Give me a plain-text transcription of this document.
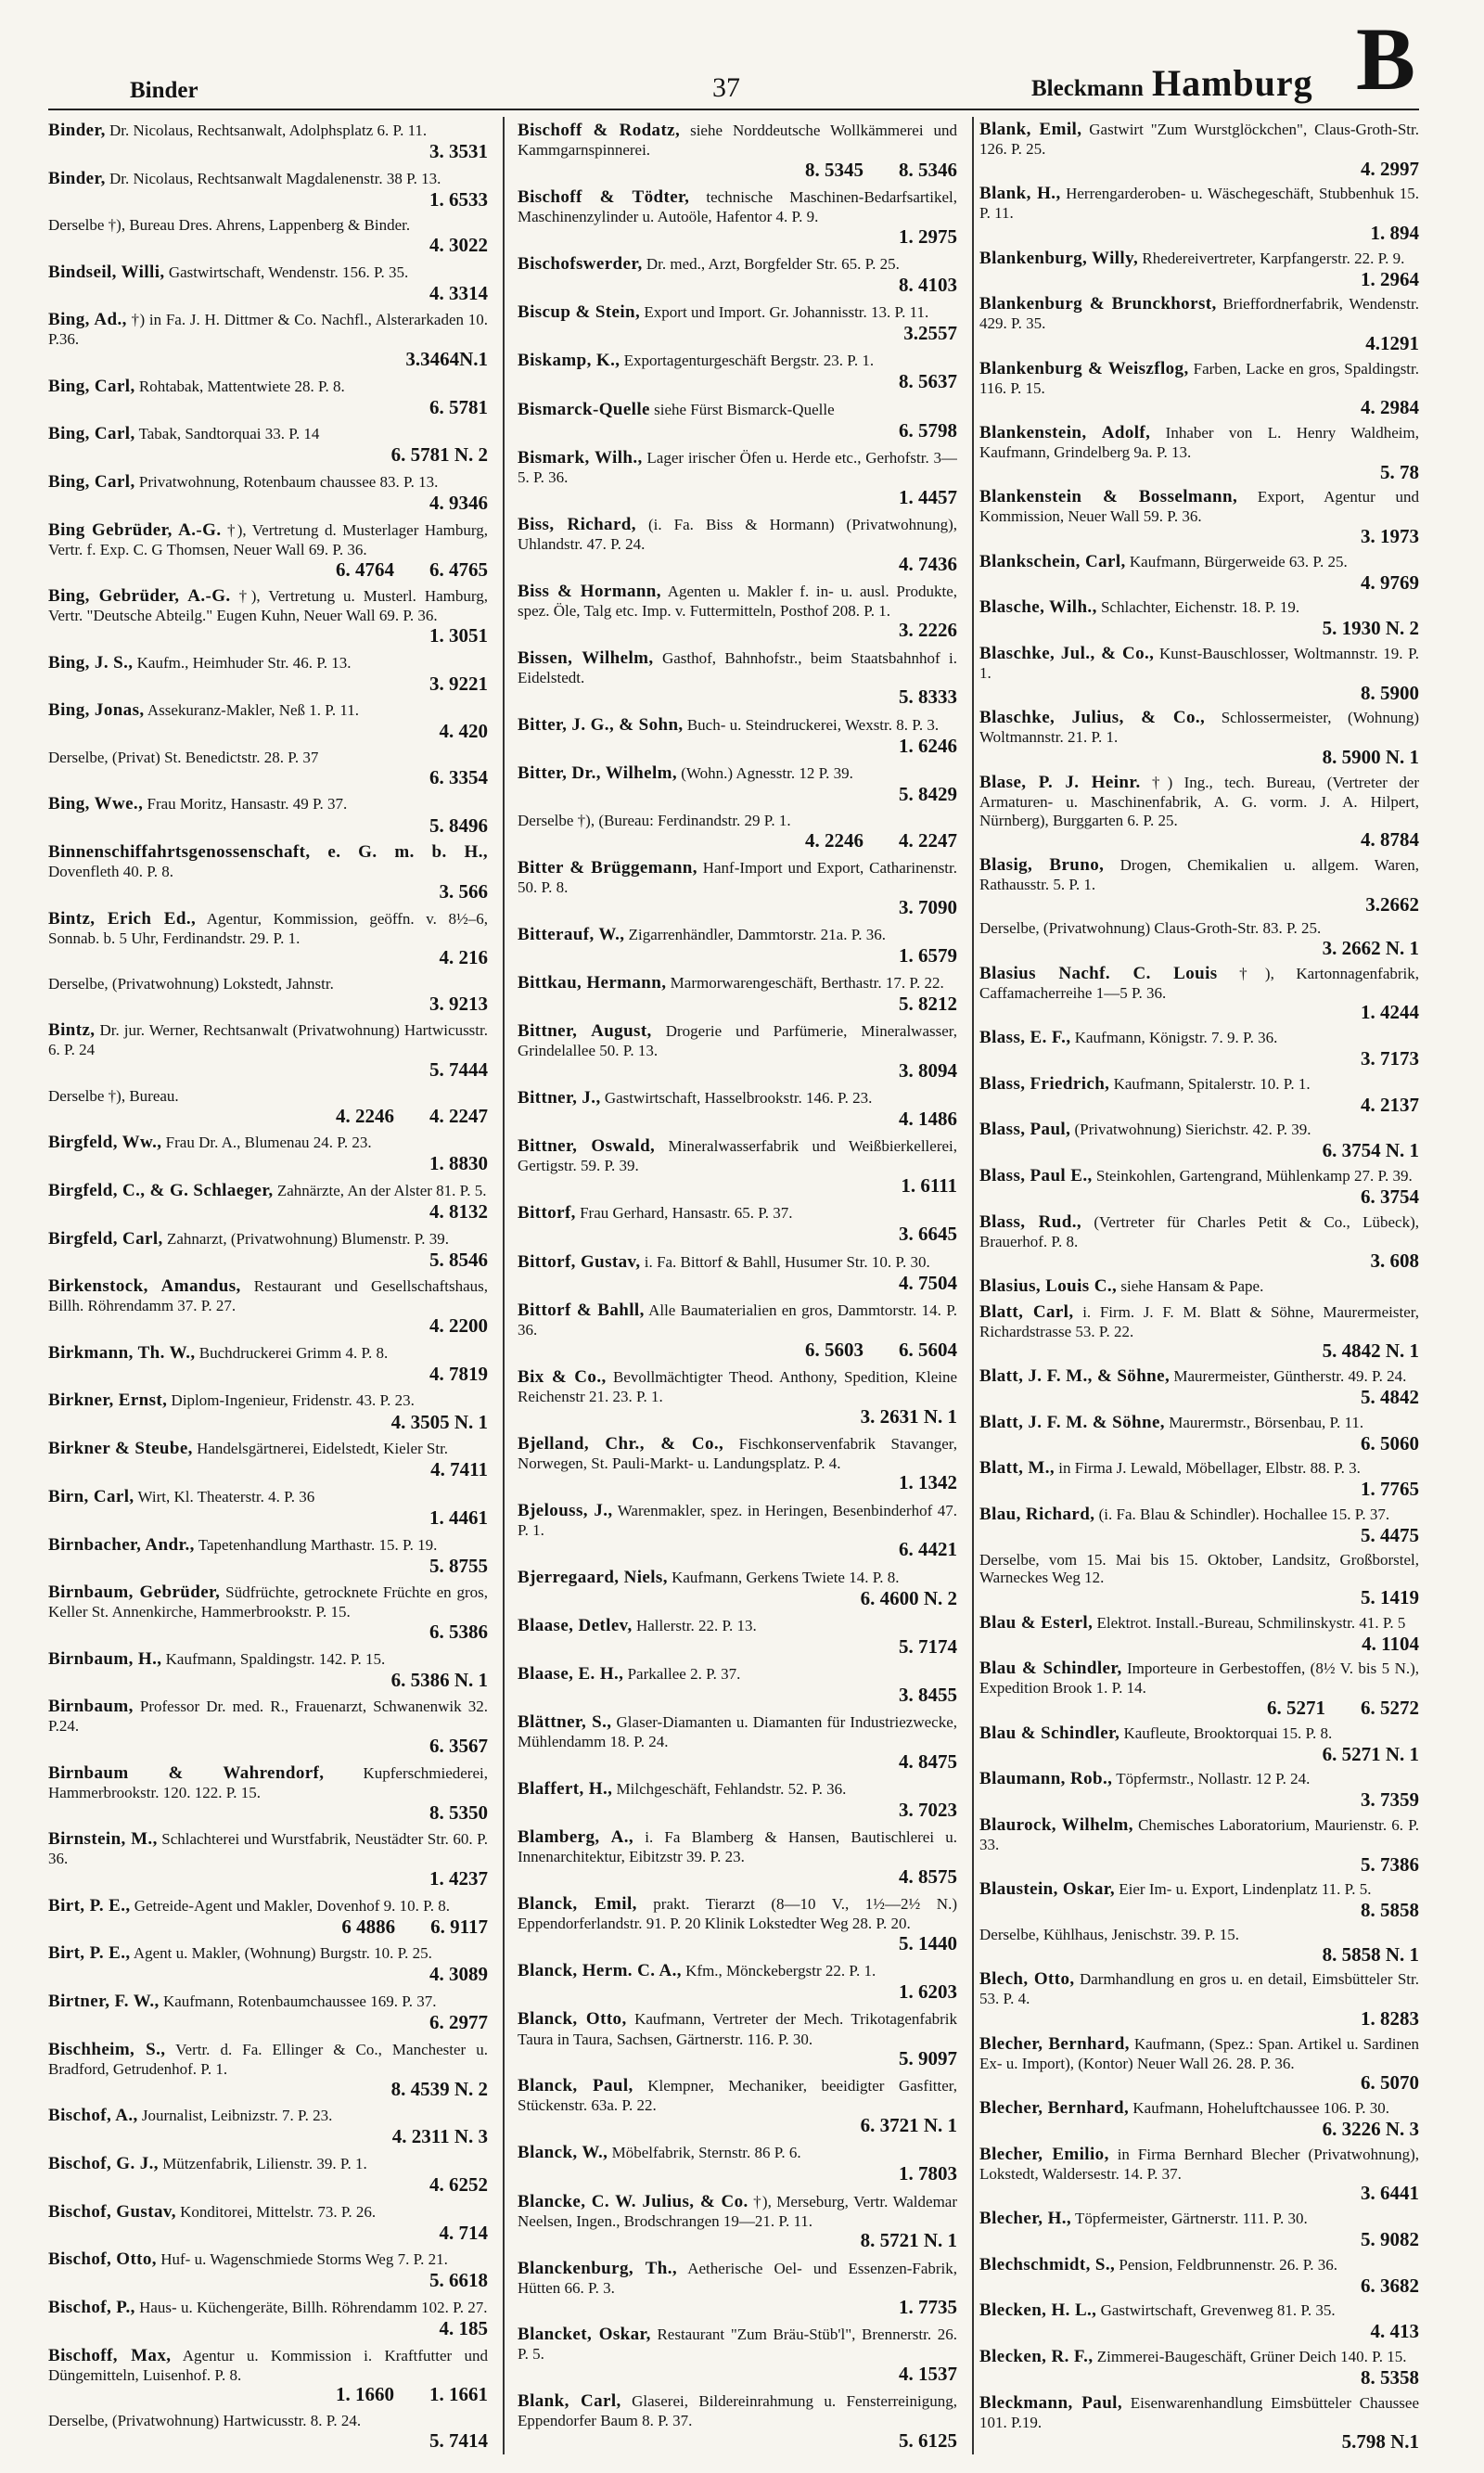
Binder	37	Bleckmann Hamburg B
Binder, Dr. Nicolaus, Rechtsanwalt, Adolphsplatz 6. P. 11.
3. 3531
Binder, Dr. Nicolaus, Rechtsanwalt Magdalenenstr. 38 P. 13.
1. 6533
Derselbe †), Bureau Dres. Ahrens, Lappenberg & Binder.
4. 3022
Bindseil, Willi, Gastwirtschaft, Wendenstr. 156. P. 35.
4. 3314
Bing, Ad., †) in Fa. J. H. Dittmer & Co. Nachfl., Alsterarkaden 10. P.36.
3.3464N.1
Bing, Carl, Rohtabak, Mattentwiete 28. P. 8.
6. 5781
Bing, Carl, Tabak, Sandtorquai 33. P. 14
6. 5781 N. 2
Bing, Carl, Privatwohnung, Rotenbaum chaussee 83. P. 13.
4. 9346
Bing Gebrüder, A.-G. †), Vertretung d. Musterlager Hamburg, Vertr. f. Exp. C. G Thomsen, Neuer Wall 69. P. 36.
6. 4764 6. 4765
Bing, Gebrüder, A.-G. †), Vertretung u. Musterl. Hamburg, Vertr. "Deutsche Abteilg." Eugen Kuhn, Neuer Wall 69. P. 36.
1. 3051
Bing, J. S., Kaufm., Heimhuder Str. 46. P. 13.
3. 9221
Bing, Jonas, Assekuranz-Makler, Neß 1. P. 11.
4. 420
Derselbe, (Privat) St. Benedictstr. 28. P. 37
6. 3354
Bing, Wwe., Frau Moritz, Hansastr. 49 P. 37.
5. 8496
Binnenschiffahrtsgenossenschaft, e. G. m. b. H., Dovenfleth 40. P. 8.
3. 566
Bintz, Erich Ed., Agentur, Kommission, geöffn. v. 8½–6, Sonnab. b. 5 Uhr, Ferdinandstr. 29. P. 1.
4. 216
Derselbe, (Privatwohnung) Lokstedt, Jahnstr.
3. 9213
Bintz, Dr. jur. Werner, Rechtsanwalt (Privatwohnung) Hartwicusstr. 6. P. 24
5. 7444
Derselbe †), Bureau.
4. 2246 4. 2247
Birgfeld, Ww., Frau Dr. A., Blumenau 24. P. 23.
1. 8830
Birgfeld, C., & G. Schlaeger, Zahnärzte, An der Alster 81. P. 5.
4. 8132
Birgfeld, Carl, Zahnarzt, (Privatwohnung) Blumenstr. P. 39.
5. 8546
Birkenstock, Amandus, Restaurant und Gesellschaftshaus, Billh. Röhrendamm 37. P. 27.
4. 2200
Birkmann, Th. W., Buchdruckerei Grimm 4. P. 8.
4. 7819
Birkner, Ernst, Diplom-Ingenieur, Fridenstr. 43. P. 23.
4. 3505 N. 1
Birkner & Steube, Handelsgärtnerei, Eidelstedt, Kieler Str.
4. 7411
Birn, Carl, Wirt, Kl. Theaterstr. 4. P. 36
1. 4461
Birnbacher, Andr., Tapetenhandlung Marthastr. 15. P. 19.
5. 8755
Birnbaum, Gebrüder, Südfrüchte, getrocknete Früchte en gros, Keller St. Annenkirche, Hammerbrookstr. P. 15.
6. 5386
Birnbaum, H., Kaufmann, Spaldingstr. 142. P. 15.
6. 5386 N. 1
Birnbaum, Professor Dr. med. R., Frauenarzt, Schwanenwik 32. P.24.
6. 3567
Birnbaum & Wahrendorf, Kupferschmiederei, Hammerbrookstr. 120. 122. P. 15.
8. 5350
Birnstein, M., Schlachterei und Wurstfabrik, Neustädter Str. 60. P. 36.
1. 4237
Birt, P. E., Getreide-Agent und Makler, Dovenhof 9. 10. P. 8.
6 4886 6. 9117
Birt, P. E., Agent u. Makler, (Wohnung) Burgstr. 10. P. 25.
4. 3089
Birtner, F. W., Kaufmann, Rotenbaumchaussee 169. P. 37.
6. 2977
Bischheim, S., Vertr. d. Fa. Ellinger & Co., Manchester u. Bradford, Getrudenhof. P. 1.
8. 4539 N. 2
Bischof, A., Journalist, Leibnizstr. 7. P. 23.
4. 2311 N. 3
Bischof, G. J., Mützenfabrik, Lilienstr. 39. P. 1.
4. 6252
Bischof, Gustav, Konditorei, Mittelstr. 73. P. 26.
4. 714
Bischof, Otto, Huf- u. Wagenschmiede Storms Weg 7. P. 21.
5. 6618
Bischof, P., Haus- u. Küchengeräte, Billh. Röhrendamm 102. P. 27.
4. 185
Bischoff, Max, Agentur u. Kommission i. Kraftfutter und Düngemitteln, Luisenhof. P. 8.
1. 1660 1. 1661
Derselbe, (Privatwohnung) Hartwicusstr. 8. P. 24.
5. 7414
Bischoff & Rodatz, siehe Norddeutsche Wollkämmerei und Kammgarnspinnerei.
8. 5345 8. 5346
Bischoff & Tödter, technische Maschinen-Bedarfsartikel, Maschinenzylinder u. Autoöle, Hafentor 4. P. 9.
1. 2975
Bischofswerder, Dr. med., Arzt, Borgfelder Str. 65. P. 25.
8. 4103
Biscup & Stein, Export und Import. Gr. Johannisstr. 13. P. 11.
3.2557
Biskamp, K., Exportagenturgeschäft Bergstr. 23. P. 1.
8. 5637
Bismarck-Quelle siehe Fürst Bismarck-Quelle
6. 5798
Bismark, Wilh., Lager irischer Öfen u. Herde etc., Gerhofstr. 3—5. P. 36.
1. 4457
Biss, Richard, (i. Fa. Biss & Hormann) (Privatwohnung), Uhlandstr. 47. P. 24.
4. 7436
Biss & Hormann, Agenten u. Makler f. in- u. ausl. Produkte, spez. Öle, Talg etc. Imp. v. Futtermitteln, Posthof 208. P. 1.
3. 2226
Bissen, Wilhelm, Gasthof, Bahnhofstr., beim Staatsbahnhof i. Eidelstedt.
5. 8333
Bitter, J. G., & Sohn, Buch- u. Steindruckerei, Wexstr. 8. P. 3.
1. 6246
Bitter, Dr., Wilhelm, (Wohn.) Agnesstr. 12 P. 39.
5. 8429
Derselbe †), (Bureau: Ferdinandstr. 29 P. 1.
4. 2246 4. 2247
Bitter & Brüggemann, Hanf-Import und Export, Catharinenstr. 50. P. 8.
3. 7090
Bitterauf, W., Zigarrenhändler, Dammtorstr. 21a. P. 36.
1. 6579
Bittkau, Hermann, Marmorwarengeschäft, Berthastr. 17. P. 22.
5. 8212
Bittner, August, Drogerie und Parfümerie, Mineralwasser, Grindelallee 50. P. 13.
3. 8094
Bittner, J., Gastwirtschaft, Hasselbrookstr. 146. P. 23.
4. 1486
Bittner, Oswald, Mineralwasserfabrik und Weißbierkellerei, Gertigstr. 59. P. 39.
1. 6111
Bittorf, Frau Gerhard, Hansastr. 65. P. 37.
3. 6645
Bittorf, Gustav, i. Fa. Bittorf & Bahll, Husumer Str. 10. P. 30.
4. 7504
Bittorf & Bahll, Alle Baumaterialien en gros, Dammtorstr. 14. P. 36.
6. 5603 6. 5604
Bix & Co., Bevollmächtigter Theod. Anthony, Spedition, Kleine Reichenstr 21. 23. P. 1.
3. 2631 N. 1
Bjelland, Chr., & Co., Fischkonservenfabrik Stavanger, Norwegen, St. Pauli-Markt- u. Landungsplatz. P. 4.
1. 1342
Bjelouss, J., Warenmakler, spez. in Heringen, Besenbinderhof 47. P. 1.
6. 4421
Bjerregaard, Niels, Kaufmann, Gerkens Twiete 14. P. 8.
6. 4600 N. 2
Blaase, Detlev, Hallerstr. 22. P. 13.
5. 7174
Blaase, E. H., Parkallee 2. P. 37.
3. 8455
Blättner, S., Glaser-Diamanten u. Diamanten für Industriezwecke, Mühlendamm 18. P. 24.
4. 8475
Blaffert, H., Milchgeschäft, Fehlandstr. 52. P. 36.
3. 7023
Blamberg, A., i. Fa Blamberg & Hansen, Bautischlerei u. Innenarchitektur, Eibitzstr 39. P. 23.
4. 8575
Blanck, Emil, prakt. Tierarzt (8—10 V., 1½—2½ N.) Eppendorferlandstr. 91. P. 20 Klinik Lokstedter Weg 28. P. 20.
5. 1440
Blanck, Herm. C. A., Kfm., Mönckebergstr 22. P. 1.
1. 6203
Blanck, Otto, Kaufmann, Vertreter der Mech. Trikotagenfabrik Taura in Taura, Sachsen, Gärtnerstr. 116. P. 30.
5. 9097
Blanck, Paul, Klempner, Mechaniker, beeidigter Gasfitter, Stückenstr. 63a. P. 22.
6. 3721 N. 1
Blanck, W., Möbelfabrik, Sternstr. 86 P. 6.
1. 7803
Blancke, C. W. Julius, & Co. †), Merseburg, Vertr. Waldemar Neelsen, Ingen., Brodschrangen 19—21. P. 11.
8. 5721 N. 1
Blanckenburg, Th., Aetherische Oel- und Essenzen-Fabrik, Hütten 66. P. 3.
1. 7735
Blancket, Oskar, Restaurant "Zum Bräu-Stüb'l", Brennerstr. 26. P. 5.
4. 1537
Blank, Carl, Glaserei, Bildereinrahmung u. Fensterreinigung, Eppendorfer Baum 8. P. 37.
5. 6125
Blank, Emil, Gastwirt "Zum Wurstglöckchen", Claus-Groth-Str. 126. P. 25.
4. 2997
Blank, H., Herrengarderoben- u. Wäschegeschäft, Stubbenhuk 15. P. 11.
1. 894
Blankenburg, Willy, Rhedereivertreter, Karpfangerstr. 22. P. 9.
1. 2964
Blankenburg & Brunckhorst, Brieffordnerfabrik, Wendenstr. 429. P. 35.
4.1291
Blankenburg & Weiszflog, Farben, Lacke en gros, Spaldingstr. 116. P. 15.
4. 2984
Blankenstein, Adolf, Inhaber von L. Henry Waldheim, Kaufmann, Grindelberg 9a. P. 13.
5. 78
Blankenstein & Bosselmann, Export, Agentur und Kommission, Neuer Wall 59. P. 36.
3. 1973
Blankschein, Carl, Kaufmann, Bürgerweide 63. P. 25.
4. 9769
Blasche, Wilh., Schlachter, Eichenstr. 18. P. 19.
5. 1930 N. 2
Blaschke, Jul., & Co., Kunst-Bauschlosser, Woltmannstr. 19. P. 1.
8. 5900
Blaschke, Julius, & Co., Schlossermeister, (Wohnung) Woltmannstr. 21. P. 1.
8. 5900 N. 1
Blase, P. J. Heinr. †) Ing., tech. Bureau, (Vertreter der Armaturen- u. Maschinenfabrik, A. G. vorm. J. A. Hilpert, Nürnberg), Burggarten 6. P. 25.
4. 8784
Blasig, Bruno, Drogen, Chemikalien u. allgem. Waren, Rathausstr. 5. P. 1.
3.2662
Derselbe, (Privatwohnung) Claus-Groth-Str. 83. P. 25.
3. 2662 N. 1
Blasius Nachf. C. Louis †), Kartonnagenfabrik, Caffamacherreihe 1—5 P. 36.
1. 4244
Blass, E. F., Kaufmann, Königstr. 7. 9. P. 36.
3. 7173
Blass, Friedrich, Kaufmann, Spitalerstr. 10. P. 1.
4. 2137
Blass, Paul, (Privatwohnung) Sierichstr. 42. P. 39.
6. 3754 N. 1
Blass, Paul E., Steinkohlen, Gartengrand, Mühlenkamp 27. P. 39.
6. 3754
Blass, Rud., (Vertreter für Charles Petit & Co., Lübeck), Brauerhof. P. 8.
3. 608
Blasius, Louis C., siehe Hansam & Pape.
Blatt, Carl, i. Firm. J. F. M. Blatt & Söhne, Maurermeister, Richardstrasse 53. P. 22.
5. 4842 N. 1
Blatt, J. F. M., & Söhne, Maurermeister, Güntherstr. 49. P. 24.
5. 4842
Blatt, J. F. M. & Söhne, Maurermstr., Börsenbau, P. 11.
6. 5060
Blatt, M., in Firma J. Lewald, Möbellager, Elbstr. 88. P. 3.
1. 7765
Blau, Richard, (i. Fa. Blau & Schindler). Hochallee 15. P. 37.
5. 4475
Derselbe, vom 15. Mai bis 15. Oktober, Landsitz, Großborstel, Warneckes Weg 12.
5. 1419
Blau & Esterl, Elektrot. Install.-Bureau, Schmilinskystr. 41. P. 5
4. 1104
Blau & Schindler, Importeure in Gerbestoffen, (8½ V. bis 5 N.), Expedition Brook 1. P. 14.
6. 5271 6. 5272
Blau & Schindler, Kaufleute, Brooktorquai 15. P. 8.
6. 5271 N. 1
Blaumann, Rob., Töpfermstr., Nollastr. 12 P. 24.
3. 7359
Blaurock, Wilhelm, Chemisches Laboratorium, Maurienstr. 6. P. 33.
5. 7386
Blaustein, Oskar, Eier Im- u. Export, Lindenplatz 11. P. 5.
8. 5858
Derselbe, Kühlhaus, Jenischstr. 39. P. 15.
8. 5858 N. 1
Blech, Otto, Darmhandlung en gros u. en detail, Eimsbütteler Str. 53. P. 4.
1. 8283
Blecher, Bernhard, Kaufmann, (Spez.: Span. Artikel u. Sardinen Ex- u. Import), (Kontor) Neuer Wall 26. 28. P. 36.
6. 5070
Blecher, Bernhard, Kaufmann, Hoheluftchaussee 106. P. 30.
6. 3226 N. 3
Blecher, Emilio, in Firma Bernhard Blecher (Privatwohnung), Lokstedt, Waldersestr. 14. P. 37.
3. 6441
Blecher, H., Töpfermeister, Gärtnerstr. 111. P. 30.
5. 9082
Blechschmidt, S., Pension, Feldbrunnenstr. 26. P. 36.
6. 3682
Blecken, H. L., Gastwirtschaft, Grevenweg 81. P. 35.
4. 413
Blecken, R. F., Zimmerei-Baugeschäft, Grüner Deich 140. P. 15.
8. 5358
Bleckmann, Paul, Eisenwarenhandlung Eimsbütteler Chaussee 101. P.19.
5.798 N.1
